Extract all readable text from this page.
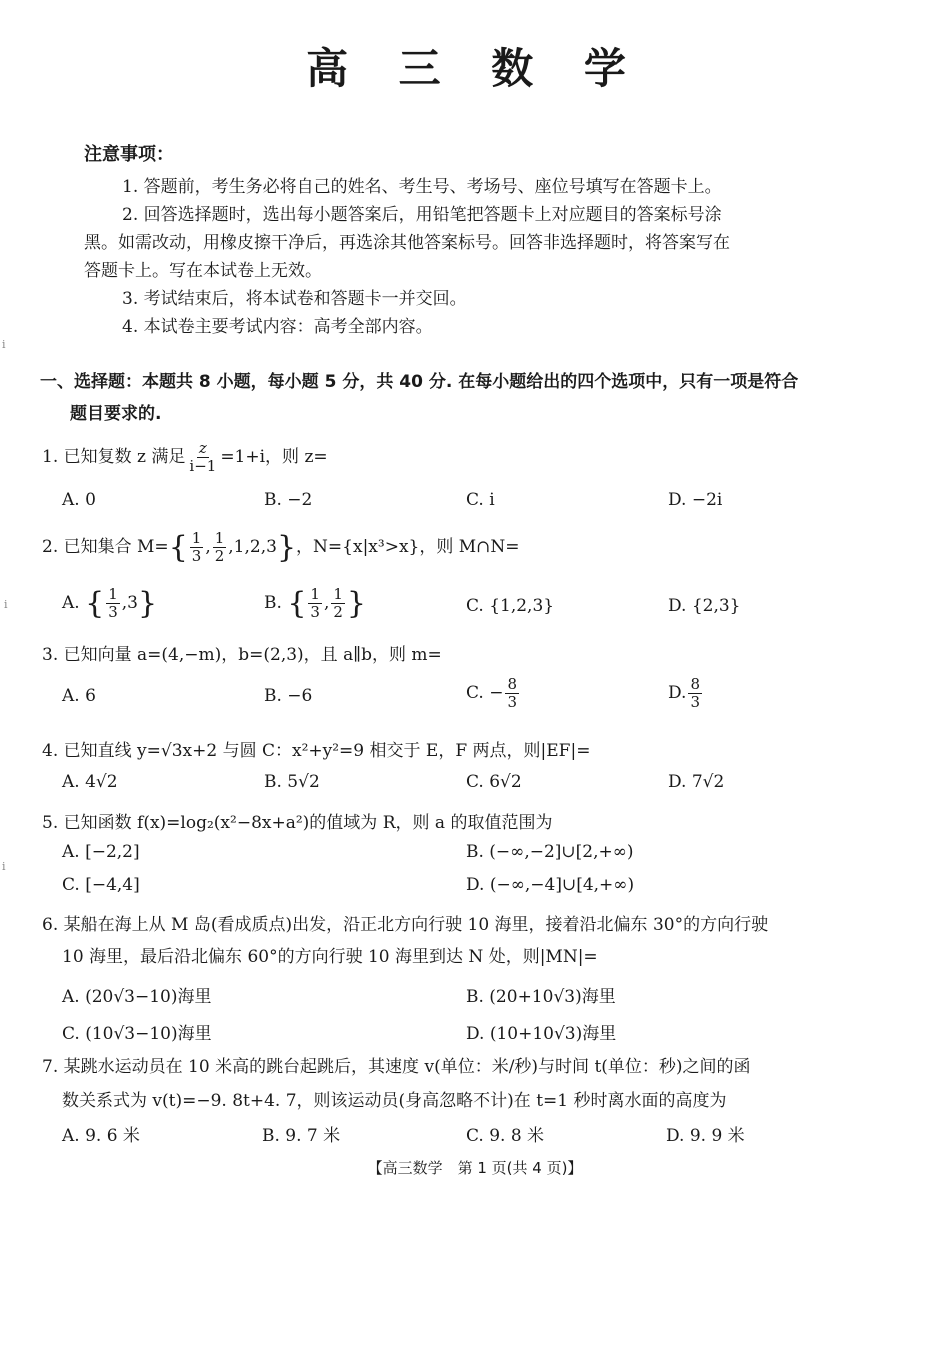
高 三 数 学
注意事项：
1. 答题前，考生务必将自己的姓名、考生号、考场号、座位号填写在答题卡上。
2. 回答选择题时，选出每小题答案后，用铅笔把答题卡上对应题目的答案标号涂
黑。如需改动，用橡皮擦干净后，再选涂其他答案标号。回答非选择题时，将答案写在
答题卡上。写在本试卷上无效。
3. 考试结束后，将本试卷和答题卡一并交回。
4. 本试卷主要考试内容：高考全部内容。
一、选择题：本题共 8 小题，每小题 5 分，共 40 分. 在每小题给出的四个选项中，只有一项是符合
题目要求的.
1. 已知复数 z 满足 $\frac{z}{i-1} =1+i$，则 z=
A. 0	B. −2	C. i	D. −2i
2. 已知集合 $M=\{ \frac{1}{3}$ , $\frac{1}{2} ,1,2,3$}，N={x|x³>x}，则 M∩N=
A. { $\frac{1}{3} ,3$}	B. { $\frac{1}{3}$ , $\frac{1}{2}$ }	C. {1,2,3}	D. {2,3}
3. 已知向量 a=(4,−m)，b=(2,3)，且 a∥b，则 m=
A. 6	B. −6	C. − $\frac{8}{3}$	D. $\frac{8}{3}$
4. 已知直线 y=√3x+2 与圆 C：x²+y²=9 相交于 E，F 两点，则|EF|=
A. 4√2	B. 5√2	C. 6√2	D. 7√2
5. 已知函数 f(x)=log₂(x²−8x+a²)的值域为 R，则 a 的取值范围为
A. [−2,2]	B. (−∞,−2]∪[2,+∞)
C. [−4,4]	D. (−∞,−4]∪[4,+∞)
6. 某船在海上从 M 岛(看成质点)出发，沿正北方向行驶 10 海里，接着沿北偏东 30°的方向行驶
10 海里，最后沿北偏东 60°的方向行驶 10 海里到达 N 处，则|MN|=
A. (20√3−10)海里	B. (20+10√3)海里
C. (10√3−10)海里	D. (10+10√3)海里
7. 某跳水运动员在 10 米高的跳台起跳后，其速度 v(单位：米/秒)与时间 t(单位：秒)之间的函
数关系式为 v(t)=−9. 8t+4. 7，则该运动员(身高忽略不计)在 t=1 秒时离水面的高度为
A. 9. 6 米	B. 9. 7 米	C. 9. 8 米	D. 9. 9 米
【高三数学　第 1 页(共 4 页)】
ⅰ
ⅰ
ⅰ
